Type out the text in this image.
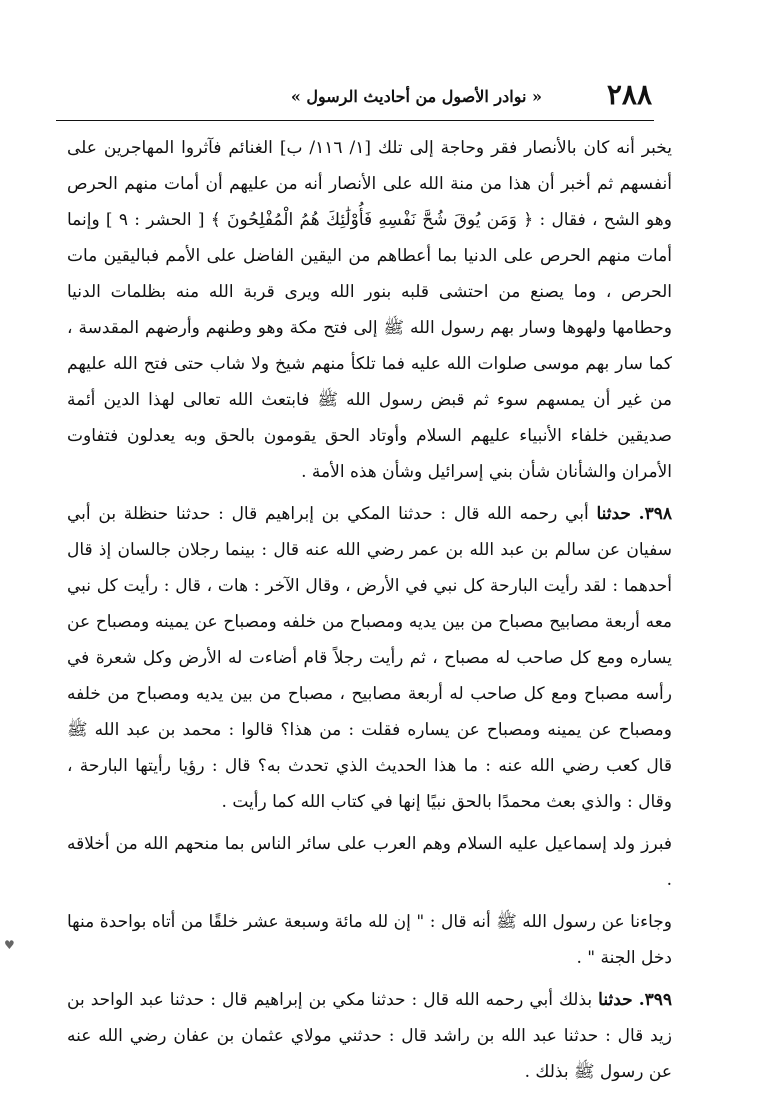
٢٨٨
« نوادر الأصول من أحاديث الرسول »

يخبر أنه كان بالأنصار فقر وحاجة إلى تلك [١/ ١١٦/ ب] الغنائم فآثروا المهاجرين على أنفسهم ثم أخبر أن هذا من منة الله على الأنصار أنه من عليهم أن أمات منهم الحرص وهو الشح ، فقال : ﴿ وَمَن يُوقَ شُحَّ نَفْسِهِ فَأُوْلَٰئِكَ هُمُ الْمُفْلِحُونَ ﴾ [ الحشر : ٩ ] وإنما أمات منهم الحرص على الدنيا بما أعطاهم من اليقين الفاضل على الأمم فباليقين مات الحرص ، وما يصنع من احتشى قلبه بنور الله ويرى قربة الله منه بظلمات الدنيا وحطامها ولهوها وسار بهم رسول الله ﷺ إلى فتح مكة وهو وطنهم وأرضهم المقدسة ، كما سار بهم موسى صلوات الله عليه فما تلكأ منهم شيخ ولا شاب حتى فتح الله عليهم من غير أن يمسهم سوء ثم قبض رسول الله ﷺ فابتعث الله تعالى لهذا الدين أئمة صديقين خلفاء الأنبياء عليهم السلام وأوتاد الحق يقومون بالحق وبه يعدلون فتفاوت الأمران والشأنان شأن بني إسرائيل وشأن هذه الأمة .

٣٩٨. حدثنا أبي رحمه الله قال : حدثنا المكي بن إبراهيم قال : حدثنا حنظلة بن أبي سفيان عن سالم بن عبد الله بن عمر رضي الله عنه قال : بينما رجلان جالسان إذ قال أحدهما : لقد رأيت البارحة كل نبي في الأرض ، وقال الآخر : هات ، قال : رأيت كل نبي معه أربعة مصابيح مصباح من بين يديه ومصباح من خلفه ومصباح عن يمينه ومصباح عن يساره ومع كل صاحب له مصباح ، ثم رأيت رجلاً قام أضاءت له الأرض وكل شعرة في رأسه مصباح ومع كل صاحب له أربعة مصابيح ، مصباح من بين يديه ومصباح من خلفه ومصباح عن يمينه ومصباح عن يساره فقلت : من هذا؟ قالوا : محمد بن عبد الله ﷺ قال كعب رضي الله عنه : ما هذا الحديث الذي تحدث به؟ قال : رؤيا رأيتها البارحة ، وقال : والذي بعث محمدًا بالحق نبيًا إنها في كتاب الله كما رأيت .

فبرز ولد إسماعيل عليه السلام وهم العرب على سائر الناس بما منحهم الله من أخلاقه .

وجاءنا عن رسول الله ﷺ أنه قال : " إن لله مائة وسبعة عشر خلقًا من أتاه بواحدة منها دخل الجنة " .

٣٩٩. حدثنا بذلك أبي رحمه الله قال : حدثنا مكي بن إبراهيم قال : حدثنا عبد الواحد بن زيد قال : حدثنا عبد الله بن راشد قال : حدثني مولاي عثمان بن عفان رضي الله عنه عن رسول ﷺ بذلك .

♥
